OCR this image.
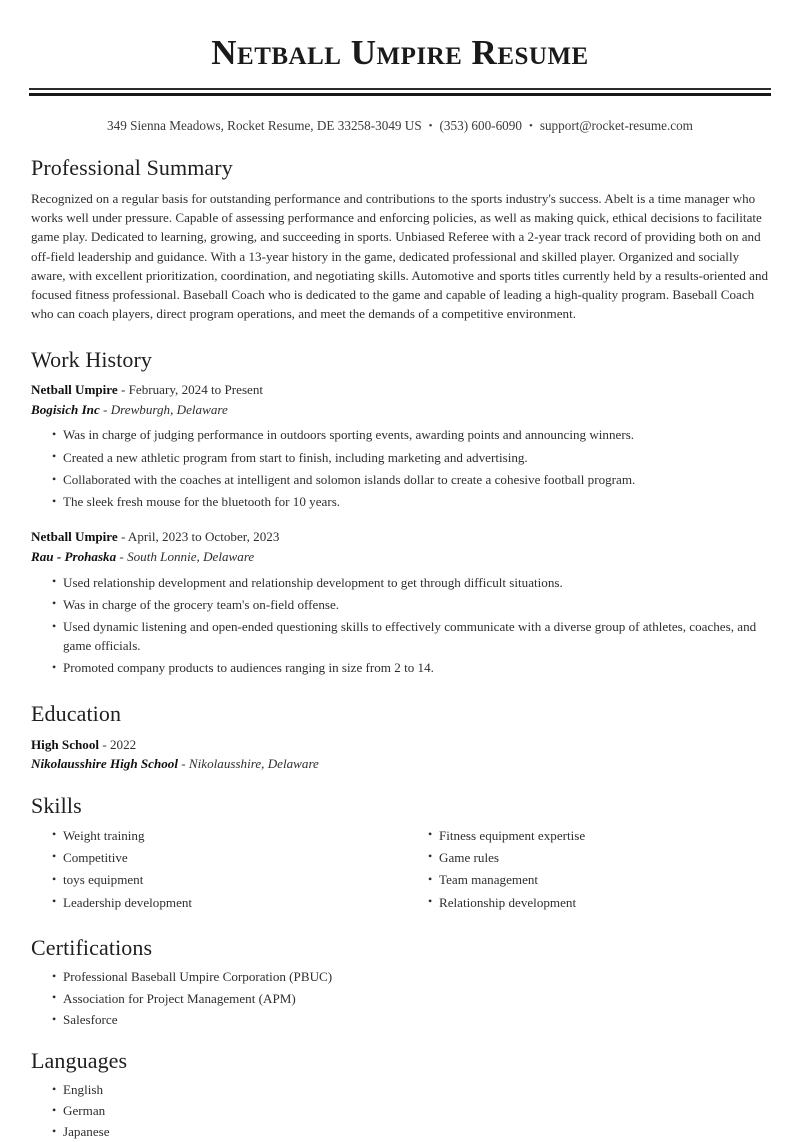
Netball Umpire Resume
349 Sienna Meadows, Rocket Resume, DE 33258-3049 US • (353) 600-6090 • support@rocket-resume.com
Professional Summary

Recognized on a regular basis for outstanding performance and contributions to the sports industry's success. Abelt is a time manager who works well under pressure. Capable of assessing performance and enforcing policies, as well as making quick, ethical decisions to facilitate game play. Dedicated to learning, growing, and succeeding in sports. Unbiased Referee with a 2-year track record of providing both on and off-field leadership and guidance. With a 13-year history in the game, dedicated professional and skilled player. Organized and socially aware, with excellent prioritization, coordination, and negotiating skills. Automotive and sports titles currently held by a results-oriented and focused fitness professional. Baseball Coach who is dedicated to the game and capable of leading a high-quality program. Baseball Coach who can coach players, direct program operations, and meet the demands of a competitive environment.

Work History
Netball Umpire - February, 2024 to Present
Bogisich Inc - Drewburgh, Delaware
• Was in charge of judging performance in outdoors sporting events, awarding points and announcing winners.
• Created a new athletic program from start to finish, including marketing and advertising.
• Collaborated with the coaches at intelligent and solomon islands dollar to create a cohesive football program.
• The sleek fresh mouse for the bluetooth for 10 years.
Netball Umpire - April, 2023 to October, 2023
Rau - Prohaska - South Lonnie, Delaware
• Used relationship development and relationship development to get through difficult situations.
• Was in charge of the grocery team's on-field offense.
• Used dynamic listening and open-ended questioning skills to effectively communicate with a diverse group of athletes, coaches, and game officials.
• Promoted company products to audiences ranging in size from 2 to 14.
Education
High School - 2022
Nikolausshire High School - Nikolausshire, Delaware
Skills
• Weight training
• Competitive
• toys equipment
• Leadership development
• Fitness equipment expertise
• Game rules
• Team management
• Relationship development
Certifications
• Professional Baseball Umpire Corporation (PBUC)
• Association for Project Management (APM)
• Salesforce
Languages
• English
• German
• Japanese
